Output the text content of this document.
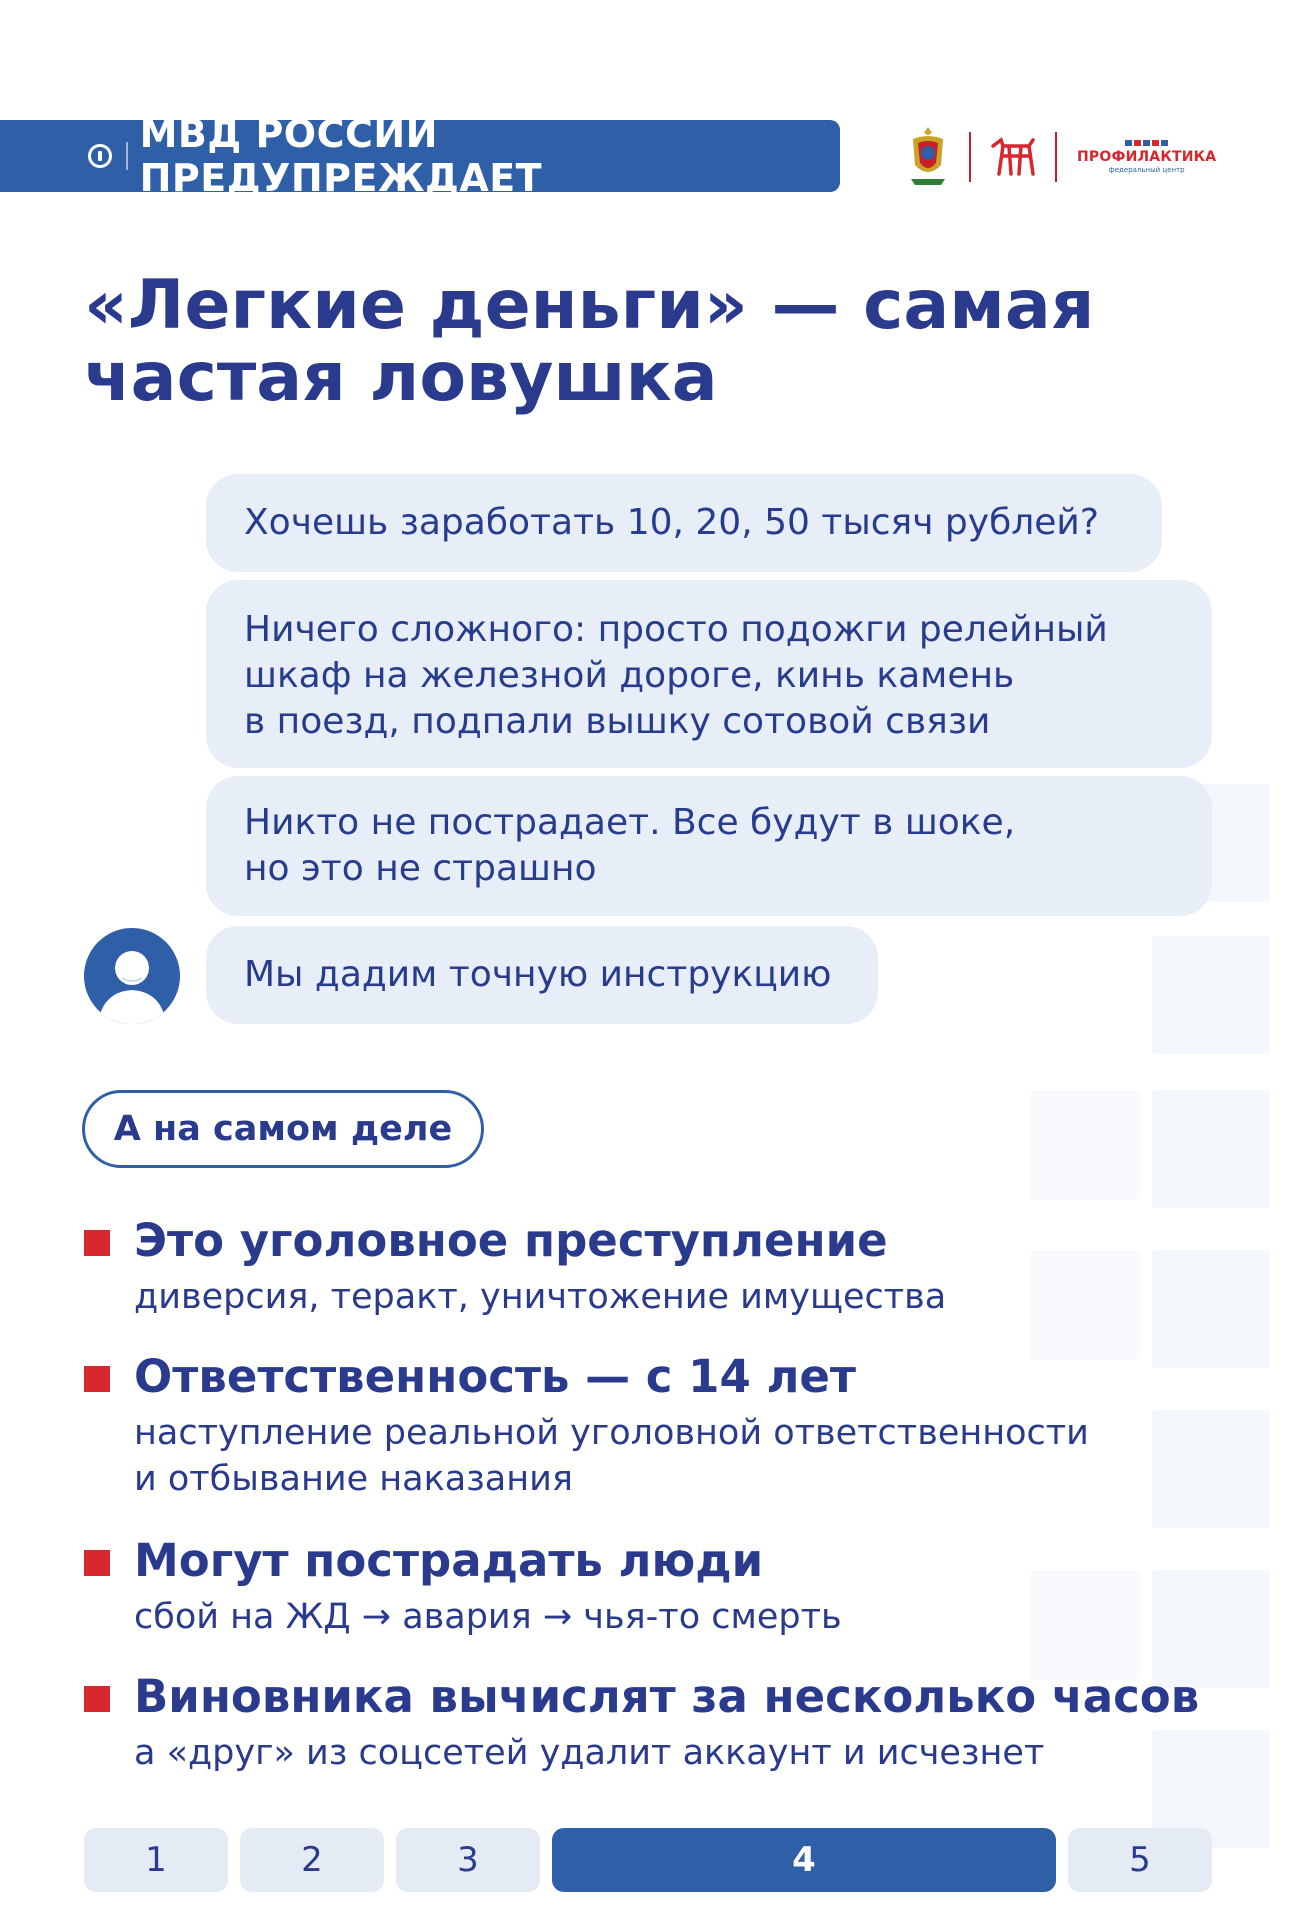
МВД РОССИИ ПРЕДУПРЕЖДАЕТ	ПРОФИЛАКТИКА
федеральный центр
«Легкие деньги» — самая частая ловушка
Хочешь заработать 10, 20, 50 тысяч рублей?
Ничего сложного: просто подожги релейный
шкаф на железной дороге, кинь камень
в поезд, подпали вышку сотовой связи
Никто не пострадает. Все будут в шоке,
но это не страшно
Мы дадим точную инструкцию
А на самом деле
Это уголовное преступление
диверсия, теракт, уничтожение имущества
Ответственность — с 14 лет
наступление реальной уголовной ответственности
и отбывание наказания
Могут пострадать люди
сбой на ЖД → авария → чья-то смерть
Виновника вычислят за несколько часов
а «друг» из соцсетей удалит аккаунт и исчезнет
1	2	3	4	5
